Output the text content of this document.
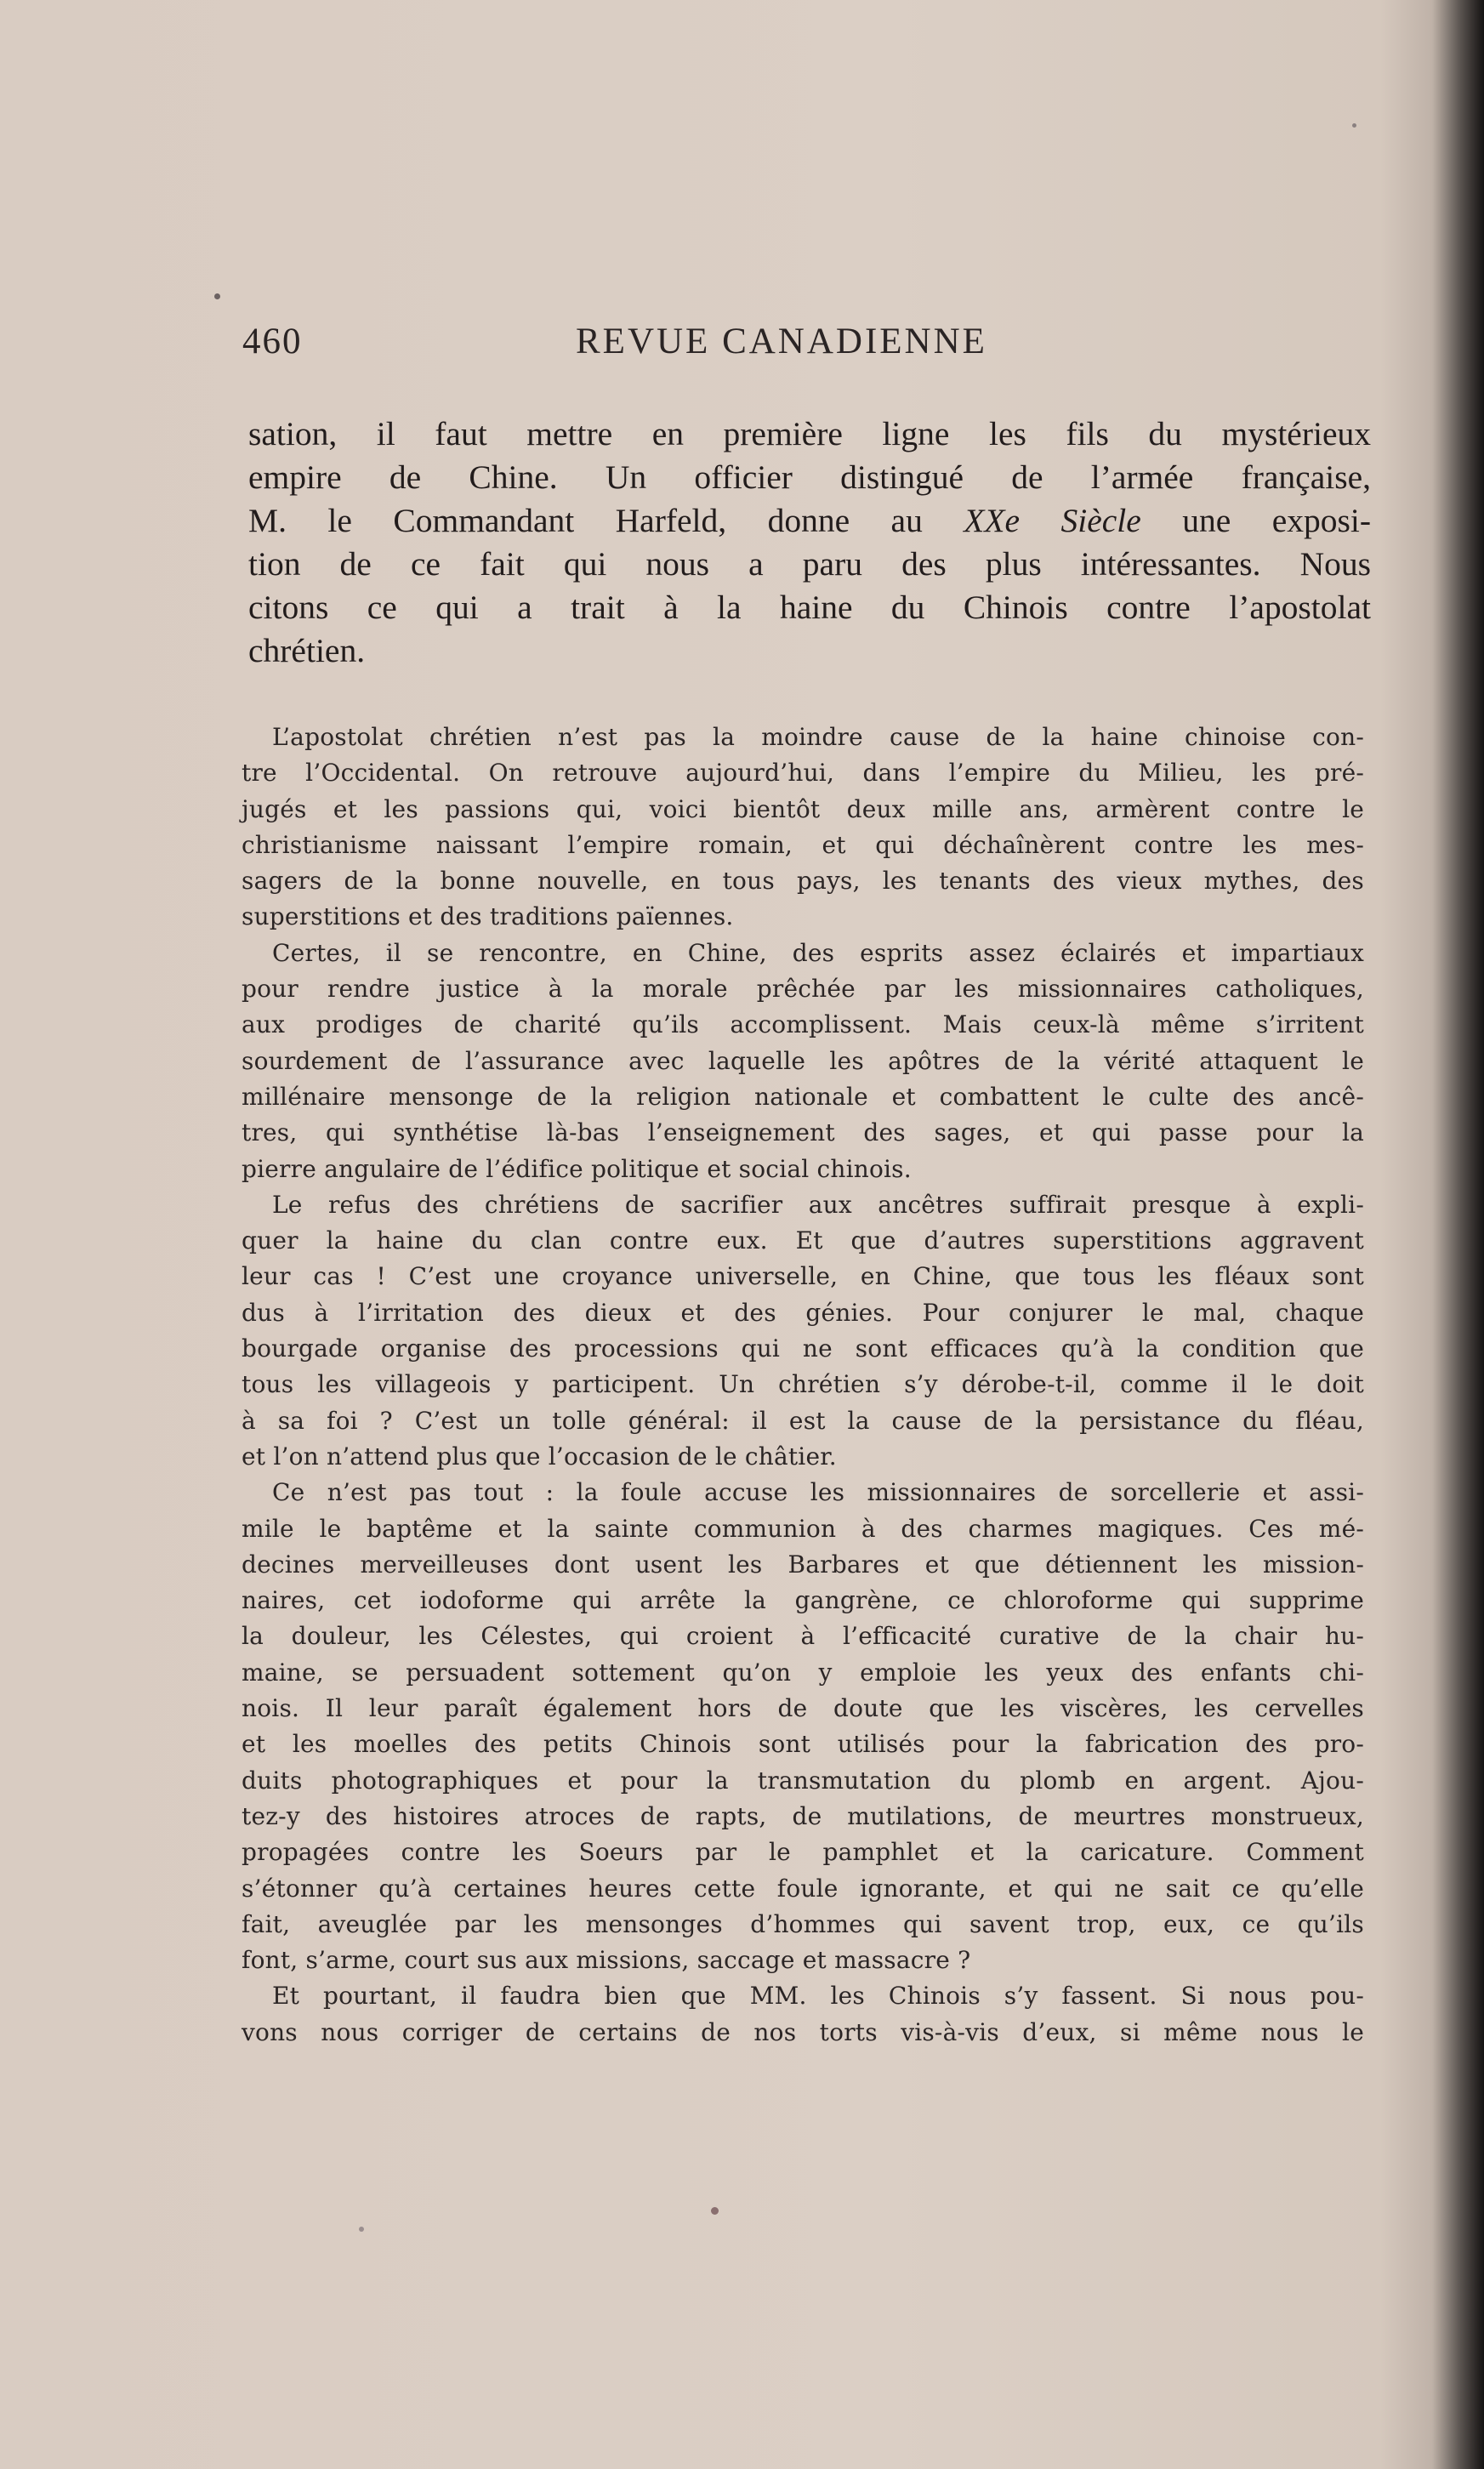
460	REVUE CANADIENNE
sation, il faut mettre en première ligne les fils du mystérieux
empire de Chine. Un officier distingué de l’armée française,
M. le Commandant Harfeld, donne au XXe Siècle une exposi-
tion de ce fait qui nous a paru des plus intéressantes. Nous
citons ce qui a trait à la haine du Chinois contre l’apostolat
chrétien.
L’apostolat chrétien n’est pas la moindre cause de la haine chinoise con-
tre l’Occidental. On retrouve aujourd’hui, dans l’empire du Milieu, les pré-
jugés et les passions qui, voici bientôt deux mille ans, armèrent contre le
christianisme naissant l’empire romain, et qui déchaînèrent contre les mes-
sagers de la bonne nouvelle, en tous pays, les tenants des vieux mythes, des
superstitions et des traditions païennes.
Certes, il se rencontre, en Chine, des esprits assez éclairés et impartiaux
pour rendre justice à la morale prêchée par les missionnaires catholiques,
aux prodiges de charité qu’ils accomplissent. Mais ceux-là même s’irritent
sourdement de l’assurance avec laquelle les apôtres de la vérité attaquent le
millénaire mensonge de la religion nationale et combattent le culte des ancê-
tres, qui synthétise là-bas l’enseignement des sages, et qui passe pour la
pierre angulaire de l’édifice politique et social chinois.
Le refus des chrétiens de sacrifier aux ancêtres suffirait presque à expli-
quer la haine du clan contre eux. Et que d’autres superstitions aggravent
leur cas ! C’est une croyance universelle, en Chine, que tous les fléaux sont
dus à l’irritation des dieux et des génies. Pour conjurer le mal, chaque
bourgade organise des processions qui ne sont efficaces qu’à la condition que
tous les villageois y participent. Un chrétien s’y dérobe-t-il, comme il le doit
à sa foi ? C’est un tolle général: il est la cause de la persistance du fléau,
et l’on n’attend plus que l’occasion de le châtier.
Ce n’est pas tout : la foule accuse les missionnaires de sorcellerie et assi-
mile le baptême et la sainte communion à des charmes magiques. Ces mé-
decines merveilleuses dont usent les Barbares et que détiennent les mission-
naires, cet iodoforme qui arrête la gangrène, ce chloroforme qui supprime
la douleur, les Célestes, qui croient à l’efficacité curative de la chair hu-
maine, se persuadent sottement qu’on y emploie les yeux des enfants chi-
nois. Il leur paraît également hors de doute que les viscères, les cervelles
et les moelles des petits Chinois sont utilisés pour la fabrication des pro-
duits photographiques et pour la transmutation du plomb en argent. Ajou-
tez-y des histoires atroces de rapts, de mutilations, de meurtres monstrueux,
propagées contre les Soeurs par le pamphlet et la caricature. Comment
s’étonner qu’à certaines heures cette foule ignorante, et qui ne sait ce qu’elle
fait, aveuglée par les mensonges d’hommes qui savent trop, eux, ce qu’ils
font, s’arme, court sus aux missions, saccage et massacre ?
Et pourtant, il faudra bien que MM. les Chinois s’y fassent. Si nous pou-
vons nous corriger de certains de nos torts vis-à-vis d’eux, si même nous le
